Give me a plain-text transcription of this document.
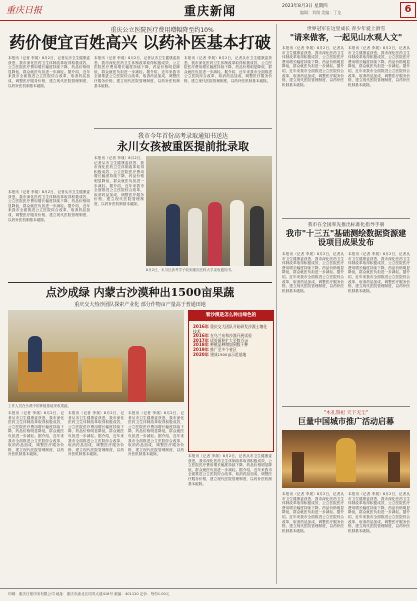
重庆日报	重庆新闻	2023年8月3日 星期四
编辑：刘翔 美编：丁龙	6
重庆公立医院医疗费用增幅降至约10%
药价便宜百姓高兴 以药补医基本打破
本报讯（记者 李晟）8月2日，记者从市卫生健康委获悉，我市深化医药卫生体制改革取得积极成效，公立医院医疗费用增长幅度持续下降，药品价格明显降低，群众就医负担进一步减轻。据介绍，近年来我市全面推进公立医院综合改革，取消药品加成，调整医疗服务价格，建立现代医院管理制度，以药补医机制基本破除。
本报讯（记者 李晟）8月2日，记者从市卫生健康委获悉，我市深化医药卫生体制改革取得积极成效，公立医院医疗费用增长幅度持续下降，药品价格明显降低，群众就医负担进一步减轻。据介绍，近年来我市全面推进公立医院综合改革，取消药品加成，调整医疗服务价格，建立现代医院管理制度，以药补医机制基本破除。
本报讯（记者 李晟）8月2日，记者从市卫生健康委获悉，我市深化医药卫生体制改革取得积极成效，公立医院医疗费用增长幅度持续下降，药品价格明显降低，群众就医负担进一步减轻。据介绍，近年来我市全面推进公立医院综合改革，取消药品加成，调整医疗服务价格，建立现代医院管理制度，以药补医机制基本破除。
本报讯（记者 李晟）8月2日，记者从市卫生健康委获悉，我市深化医药卫生体制改革取得积极成效，公立医院医疗费用增长幅度持续下降，药品价格明显降低，群众就医负担进一步减轻。据介绍，近年来我市全面推进公立医院综合改革，取消药品加成，调整医疗服务价格，建立现代医院管理制度，以药补医机制基本破除。
我市今年首份高考录取通知书送达
永川女孩被重医提前批录取
本报讯（记者 李晟）8月2日，记者从市卫生健康委获悉，我市深化医药卫生体制改革取得积极成效，公立医院医疗费用增长幅度持续下降，药品价格明显降低，群众就医负担进一步减轻。据介绍，近年来我市全面推进公立医院综合改革，取消药品加成，调整医疗服务价格，建立现代医院管理制度，以药补医机制基本破除。
8月2日，永川区高考学子收到重庆医科大学录取通知书。
点沙成绿 内蒙古沙漠种出1500亩果蔬
重庆交大热沙团队探索产业化 部分作物亩产量高于普通田地
工作人员在沙漠中的种植基地采收果蔬。
看沙漠是怎么种出绿色的
2016年 重庆交大团队开始研发沙漠土壤化技术
2016年 在乌兰布和沙漠开展试验
2017年 试验面积扩大至数百亩
2018年 种植品种增加到数十种
2019年 推广至多个省区
2020年 建成1500亩示范基地
本报讯（记者 李晟）8月2日，记者从市卫生健康委获悉，我市深化医药卫生体制改革取得积极成效，公立医院医疗费用增长幅度持续下降，药品价格明显降低，群众就医负担进一步减轻。据介绍，近年来我市全面推进公立医院综合改革，取消药品加成，调整医疗服务价格，建立现代医院管理制度，以药补医机制基本破除。
本报讯（记者 李晟）8月2日，记者从市卫生健康委获悉，我市深化医药卫生体制改革取得积极成效，公立医院医疗费用增长幅度持续下降，药品价格明显降低，群众就医负担进一步减轻。据介绍，近年来我市全面推进公立医院综合改革，取消药品加成，调整医疗服务价格，建立现代医院管理制度，以药补医机制基本破除。
本报讯（记者 李晟）8月2日，记者从市卫生健康委获悉，我市深化医药卫生体制改革取得积极成效，公立医院医疗费用增长幅度持续下降，药品价格明显降低，群众就医负担进一步减轻。据介绍，近年来我市全面推进公立医院综合改革，取消药品加成，调整医疗服务价格，建立现代医院管理制度，以药补医机制基本破除。	本报讯（记者 李晟）8月2日，记者从市卫生健康委获悉，我市深化医药卫生体制改革取得积极成效，公立医院医疗费用增长幅度持续下降，药品价格明显降低，群众就医负担进一步减轻。据介绍，近年来我市全面推进公立医院综合改革，取消药品加成，调整医疗服务价格，建立现代医院管理制度，以药补医机制基本破除。
世界冠军在这里成长 青少年爱上滑雪
"请来做客，一起见山水观人文"
本报讯（记者 李晟）8月2日，记者从市卫生健康委获悉，我市深化医药卫生体制改革取得积极成效，公立医院医疗费用增长幅度持续下降，药品价格明显降低，群众就医负担进一步减轻。据介绍，近年来我市全面推进公立医院综合改革，取消药品加成，调整医疗服务价格，建立现代医院管理制度，以药补医机制基本破除。
本报讯（记者 李晟）8月2日，记者从市卫生健康委获悉，我市深化医药卫生体制改革取得积极成效，公立医院医疗费用增长幅度持续下降，药品价格明显降低，群众就医负担进一步减轻。据介绍，近年来我市全面推进公立医院综合改革，取消药品加成，调整医疗服务价格，建立现代医院管理制度，以药补医机制基本破除。
我市在全国率先推出标准化指导手册
我市"十三五"基础测绘数据资源建设项目成果发布
本报讯（记者 李晟）8月2日，记者从市卫生健康委获悉，我市深化医药卫生体制改革取得积极成效，公立医院医疗费用增长幅度持续下降，药品价格明显降低，群众就医负担进一步减轻。据介绍，近年来我市全面推进公立医院综合改革，取消药品加成，调整医疗服务价格，建立现代医院管理制度，以药补医机制基本破除。
本报讯（记者 李晟）8月2日，记者从市卫生健康委获悉，我市深化医药卫生体制改革取得积极成效，公立医院医疗费用增长幅度持续下降，药品价格明显降低，群众就医负担进一步减轻。据介绍，近年来我市全面推进公立医院综合改革，取消药品加成，调整医疗服务价格，建立现代医院管理制度，以药补医机制基本破除。
"木孔祭祀 天下无尘"
巨量中国城市推广活动启幕
本报讯（记者 李晟）8月2日，记者从市卫生健康委获悉，我市深化医药卫生体制改革取得积极成效，公立医院医疗费用增长幅度持续下降，药品价格明显降低，群众就医负担进一步减轻。据介绍，近年来我市全面推进公立医院综合改革，取消药品加成，调整医疗服务价格，建立现代医院管理制度，以药补医机制基本破除。
本报讯（记者 李晟）8月2日，记者从市卫生健康委获悉，我市深化医药卫生体制改革取得积极成效，公立医院医疗费用增长幅度持续下降，药品价格明显降低，群众就医负担进一步减轻。据介绍，近年来我市全面推进公立医院综合改革，取消药品加成，调整医疗服务价格，建立现代医院管理制度，以药补医机制基本破除。
印刷：重庆日报印务有限公司 地址：重庆市渝北区同茂大道416号 邮编：401120 定价：每份1.00元
